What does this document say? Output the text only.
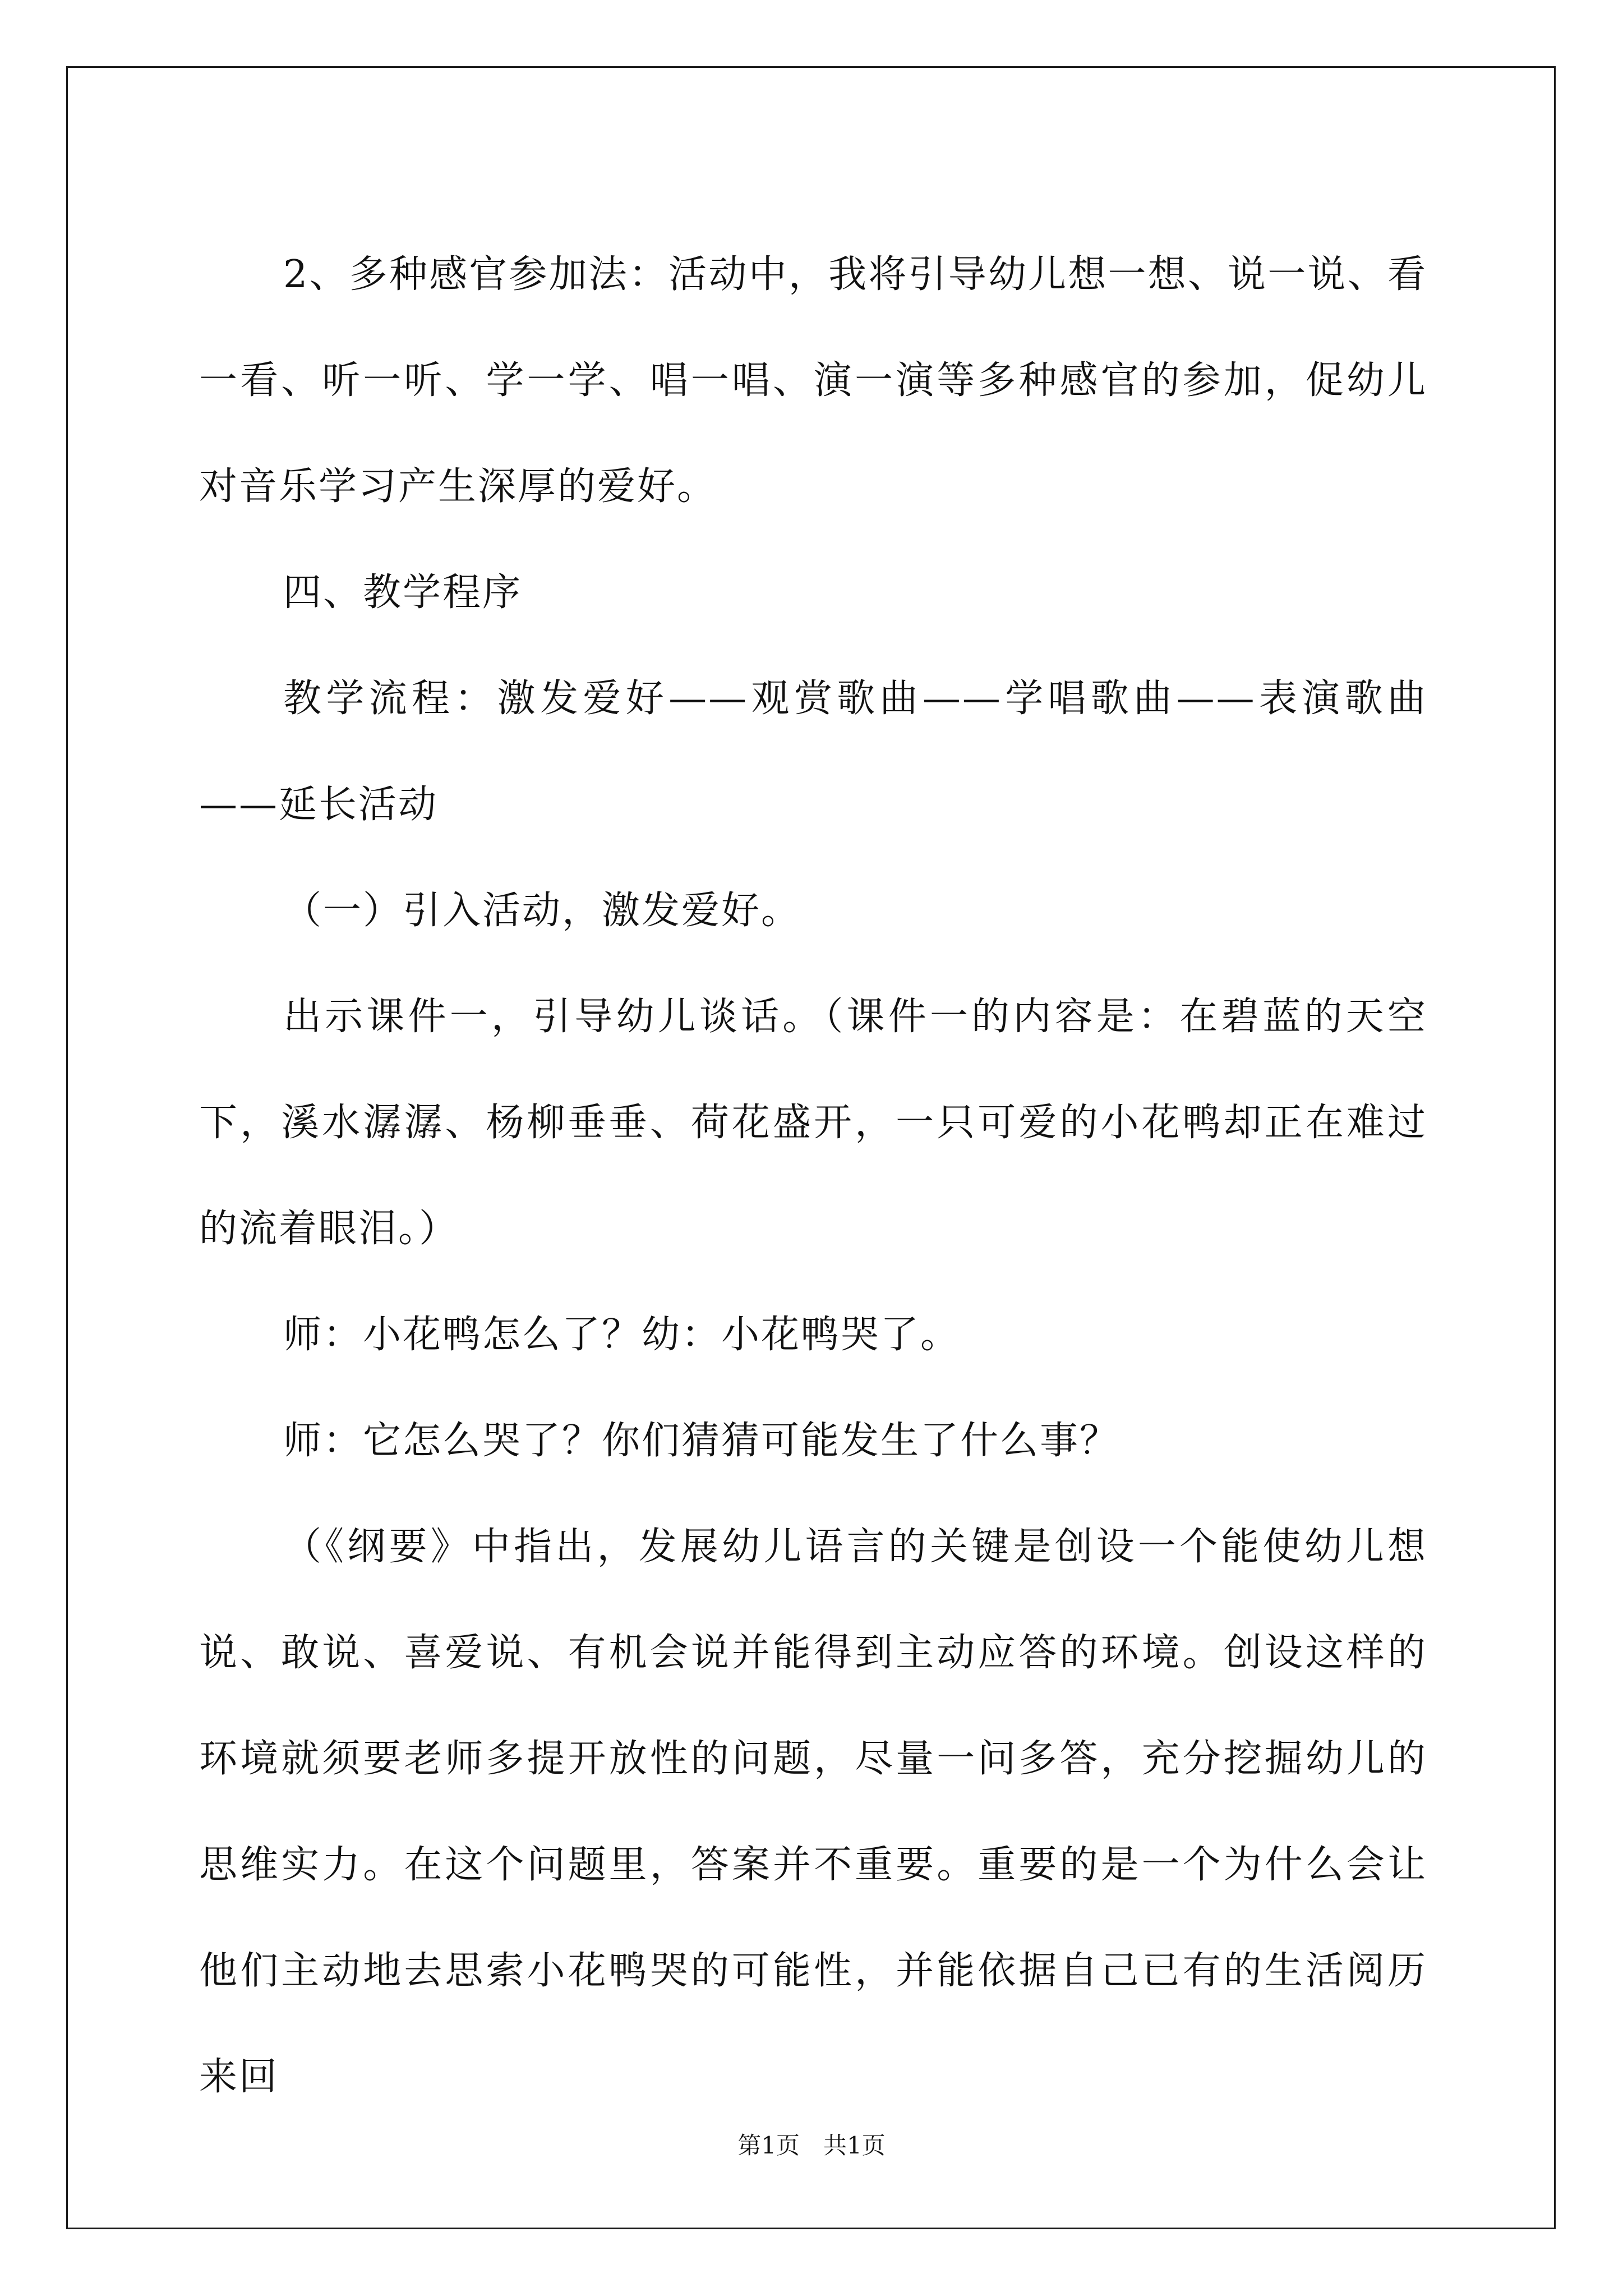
2、多种感官参加法：活动中，我将引导幼儿想一想、说一说、看一看、听一听、学一学、唱一唱、演一演等多种感官的参加，促幼儿对音乐学习产生深厚的爱好。

四、教学程序

教学流程：激发爱好——观赏歌曲——学唱歌曲——表演歌曲——延长活动

（一）引入活动，激发爱好。

出示课件一，引导幼儿谈话。（课件一的内容是：在碧蓝的天空下，溪水潺潺、杨柳垂垂、荷花盛开，一只可爱的小花鸭却正在难过的流着眼泪。）

师：小花鸭怎么了？幼：小花鸭哭了。

师：它怎么哭了？你们猜猜可能发生了什么事？

（《纲要》中指出，发展幼儿语言的关键是创设一个能使幼儿想说、敢说、喜爱说、有机会说并能得到主动应答的环境。创设这样的环境就须要老师多提开放性的问题，尽量一问多答，充分挖掘幼儿的思维实力。在这个问题里，答案并不重要。重要的是一个为什么会让他们主动地去思索小花鸭哭的可能性，并能依据自己已有的生活阅历来回

第1页　共1页
